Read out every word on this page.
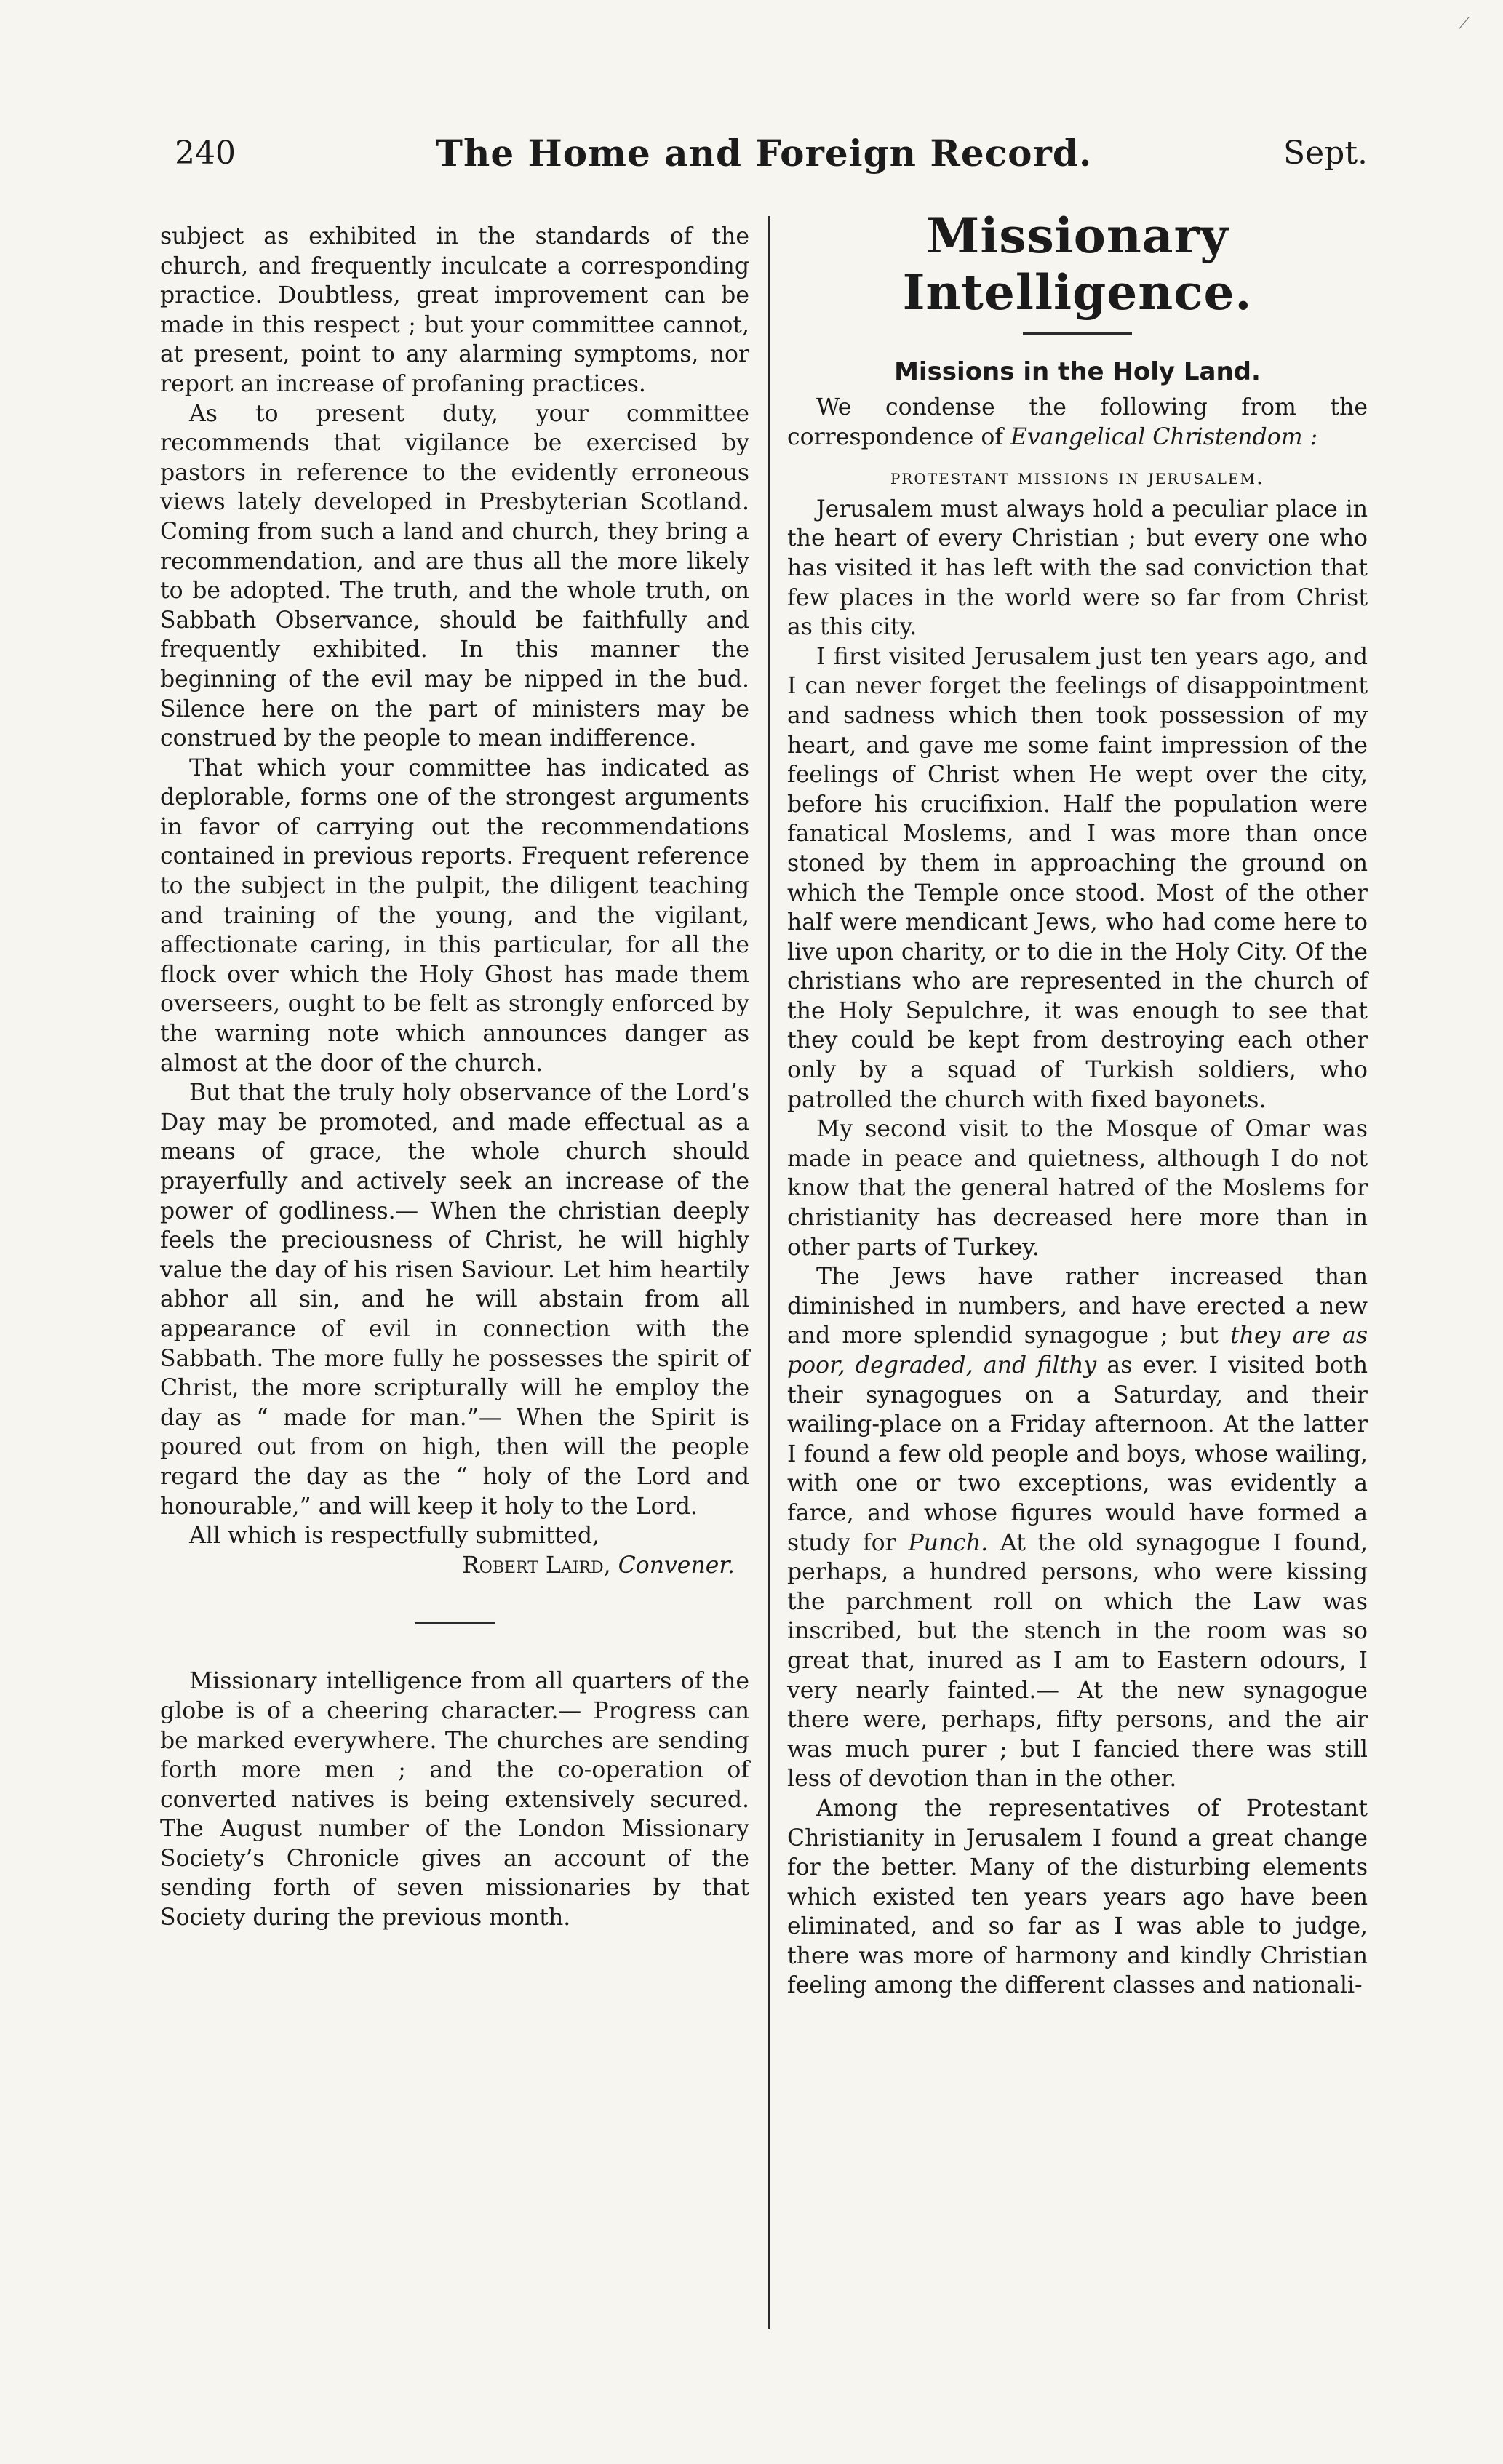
240	The Home and Foreign Record.	Sept.

subject as exhibited in the standards of the church, and frequently inculcate a corresponding practice. Doubtless, great improvement can be made in this respect ; but your committee cannot, at present, point to any alarming symptoms, nor report an increase of profaning practices.

As to present duty, your committee recommends that vigilance be exercised by pastors in reference to the evidently erroneous views lately developed in Presbyterian Scotland. Coming from such a land and church, they bring a recommendation, and are thus all the more likely to be adopted. The truth, and the whole truth, on Sabbath Observance, should be faithfully and frequently exhibited. In this manner the beginning of the evil may be nipped in the bud. Silence here on the part of ministers may be construed by the people to mean indifference.

That which your committee has indicated as deplorable, forms one of the strongest arguments in favor of carrying out the recommendations contained in previous reports. Frequent reference to the subject in the pulpit, the diligent teaching and training of the young, and the vigilant, affectionate caring, in this particular, for all the flock over which the Holy Ghost has made them overseers, ought to be felt as strongly enforced by the warning note which announces danger as almost at the door of the church.

But that the truly holy observance of the Lord’s Day may be promoted, and made effectual as a means of grace, the whole church should prayerfully and actively seek an increase of the power of godliness.— When the christian deeply feels the preciousness of Christ, he will highly value the day of his risen Saviour. Let him heartily abhor all sin, and he will abstain from all appearance of evil in connection with the Sabbath. The more fully he possesses the spirit of Christ, the more scripturally will he employ the day as “ made for man.”— When the Spirit is poured out from on high, then will the people regard the day as the “ holy of the Lord and honourable,” and will keep it holy to the Lord.

All which is respectfully submitted,

Robert Laird, Convener.

Missionary intelligence from all quarters of the globe is of a cheering character.— Progress can be marked everywhere. The churches are sending forth more men ; and the co-operation of converted natives is being extensively secured. The August number of the London Missionary Society’s Chronicle gives an account of the sending forth of seven missionaries by that Society during the previous month.

Missionary Intelligence.
Missions in the Holy Land.

We condense the following from the correspondence of Evangelical Christendom :

protestant missions in jerusalem.

Jerusalem must always hold a peculiar place in the heart of every Christian ; but every one who has visited it has left with the sad conviction that few places in the world were so far from Christ as this city.

I first visited Jerusalem just ten years ago, and I can never forget the feelings of disappointment and sadness which then took possession of my heart, and gave me some faint impression of the feelings of Christ when He wept over the city, before his crucifixion. Half the population were fanatical Moslems, and I was more than once stoned by them in approaching the ground on which the Temple once stood. Most of the other half were mendicant Jews, who had come here to live upon charity, or to die in the Holy City. Of the christians who are represented in the church of the Holy Sepulchre, it was enough to see that they could be kept from destroying each other only by a squad of Turkish soldiers, who patrolled the church with fixed bayonets.

My second visit to the Mosque of Omar was made in peace and quietness, although I do not know that the general hatred of the Moslems for christianity has decreased here more than in other parts of Turkey.

The Jews have rather increased than diminished in numbers, and have erected a new and more splendid synagogue ; but they are as poor, degraded, and filthy as ever. I visited both their synagogues on a Saturday, and their wailing-place on a Friday afternoon. At the latter I found a few old people and boys, whose wailing, with one or two exceptions, was evidently a farce, and whose figures would have formed a study for Punch. At the old synagogue I found, perhaps, a hundred persons, who were kissing the parchment roll on which the Law was inscribed, but the stench in the room was so great that, inured as I am to Eastern odours, I very nearly fainted.— At the new synagogue there were, perhaps, fifty persons, and the air was much purer ; but I fancied there was still less of devotion than in the other.

Among the representatives of Protestant Christianity in Jerusalem I found a great change for the better. Many of the disturbing elements which existed ten years years ago have been eliminated, and so far as I was able to judge, there was more of harmony and kindly Christian feeling among the different classes and nationali-

⟋
